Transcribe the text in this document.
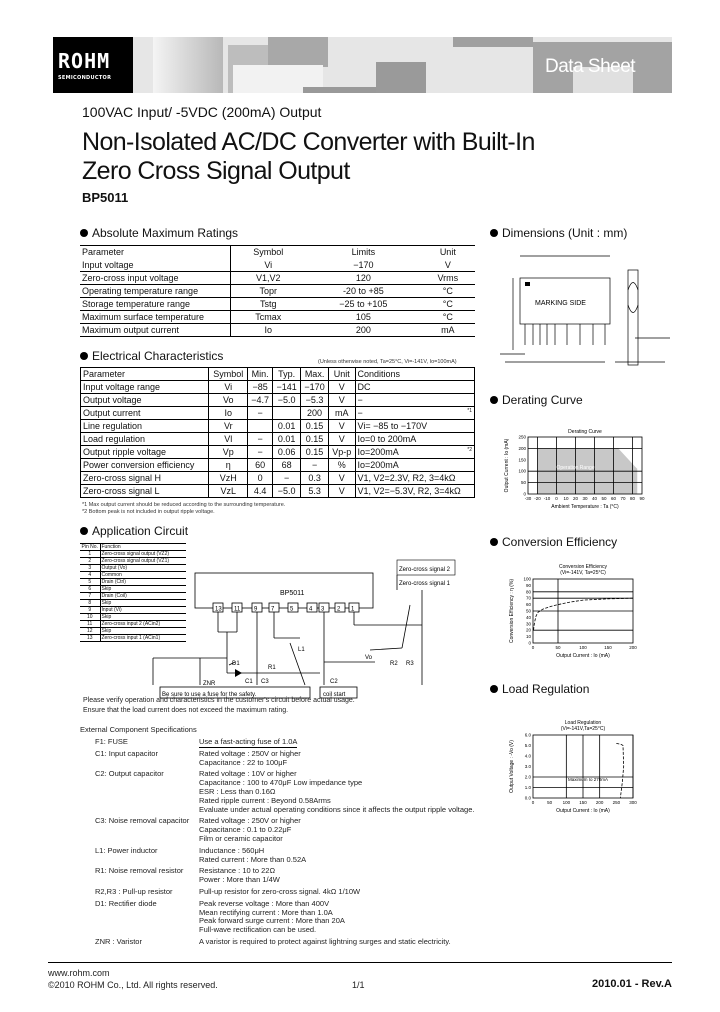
ROHM
SEMICONDUCTOR
Data Sheet
100VAC Input/ -5VDC (200mA) Output
Non-Isolated AC/DC Converter with Built-In
Zero Cross Signal Output
BP5011
Absolute Maximum Ratings
Parameter	Symbol	Limits	Unit
Input voltage	Vi	−170	V
Zero-cross input voltage	V1,V2	120	Vrms
Operating temperature range	Topr	-20 to +85	°C
Storage temperature range	Tstg	−25 to +105	°C
Maximum surface temperature	Tcmax	105	°C
Maximum output current	Io	200	mA
Electrical Characteristics	(Unless otherwise noted, Ta=25°C, Vi=-141V, Io=100mA)
Parameter	Symbol	Min.	Typ.	Max.	Unit	Conditions
Input voltage range	Vi	−85	−141	−170	V	DC
Output voltage	Vo	−4.7	−5.0	−5.3	V	−
Output current	Io	−		200	mA	− *1

Line regulation	Vr		0.01	0.15	V	Vi= −85 to −170V
Load regulation	Vl	−	0.01	0.15	V	Io=0 to 200mA
Output ripple voltage	Vp	−	0.06	0.15	Vp-p	Io=200mA *2

Power conversion efficiency	η	60	68	−	%	Io=200mA
Zero-cross signal H	VzH	0	−	0.3	V	V1, V2=2.3V, R2, 3=4kΩ
Zero-cross signal L	VzL	4.4	−5.0	5.3	V	V1, V2=−5.3V, R2, 3=4kΩ
*1 Max output current should be reduced according to the surrounding temperature.
*2 Bottom peak is not included in output ripple voltage.
Application Circuit
Pin No.	Function
1	Zero-cross signal output (VZ2)
2	Zero-cross signal output (VZ1)
3	Output (Vo)
4	Common
5	Drain (Ctrl)
6	Skip
7	Drain (Coil)
8	Skip
9	Input (Vi)
10	Skip
11	Zero-cross input 2 (ACin2)
12	Skip
13	Zero-cross input 1 (ACin1)
BP5011
Zero-cross signal 2
Zero-cross signal 1
D1
R1
C1	C2
C3
ZNR
L1
Vo
R2 R3
Be sure to use a fuse for the safety.	coil start
13 11 9 7	5	4 3 2 1
Please verify operation and characteristics in the customer's circuit before actual usage.
Ensure that the load current does not exceed the maximum rating.
External Component Specifications
F1: FUSE	Use a fast-acting fuse of 1.0A
C1: Input capacitor	Rated voltage : 250V or higher
Capacitance : 22 to 100μF
C2: Output capacitor	Rated voltage : 10V or higher
Capacitance : 100 to 470μF Low impedance type
ESR : Less than 0.16Ω
Rated ripple current : Beyond 0.58Arms
Evaluate under actual operating conditions since it affects the output ripple voltage.
C3: Noise removal capacitor Rated voltage : 250V or higher
Capacitance : 0.1 to 0.22μF
Film or ceramic capacitor
L1: Power inductor	Inductance : 560μH
Rated current : More than 0.52A
R1: Noise removal resistor Resistance : 10 to 22Ω
Power : More than 1/4W
R2,R3 : Pull-up resistor	Pull-up resistor for zero-cross signal. 4kΩ 1/10W
D1: Rectifier diode	Peak reverse voltage : More than 400V
Mean rectifying current : More than 1.0A
Peak forward surge current : More than 20A
Full-wave rectification can be used.
ZNR : Varistor	A varistor is required to protect against lightning surges and static electricity.
Dimensions (Unit : mm)
MARKING SIDE
Derating Curve
-30 -20 -10 0 10 20 30 40 50 60 70 80 90
0
50
100
150
200
250
Ambient Temperature : Ta (°C)
Output Current : Io (mA)
Derating Curve
Operation Range
Conversion Efficiency
0	50	100	150	200
0
10
20
30
40
50
60
70
80
90
100
Output Current : Io (mA)
Conversion Efficiency : η (%)
Conversion Efficiency
(Vi=-141V, Ta=25°C)
Load Regulation
0	50 100 150 200 250 300
0.0
1.0
2.0
3.0
4.0
5.0
6.0
Output Current : Io (mA)
Output Voltage : -Vo (V)
Load Regulation
(Vi=-141V,Ta=25°C)
Maximum Io 270mA
www.rohm.com
©2010 ROHM Co., Ltd. All rights reserved.	1/1	2010.01 - Rev.A
